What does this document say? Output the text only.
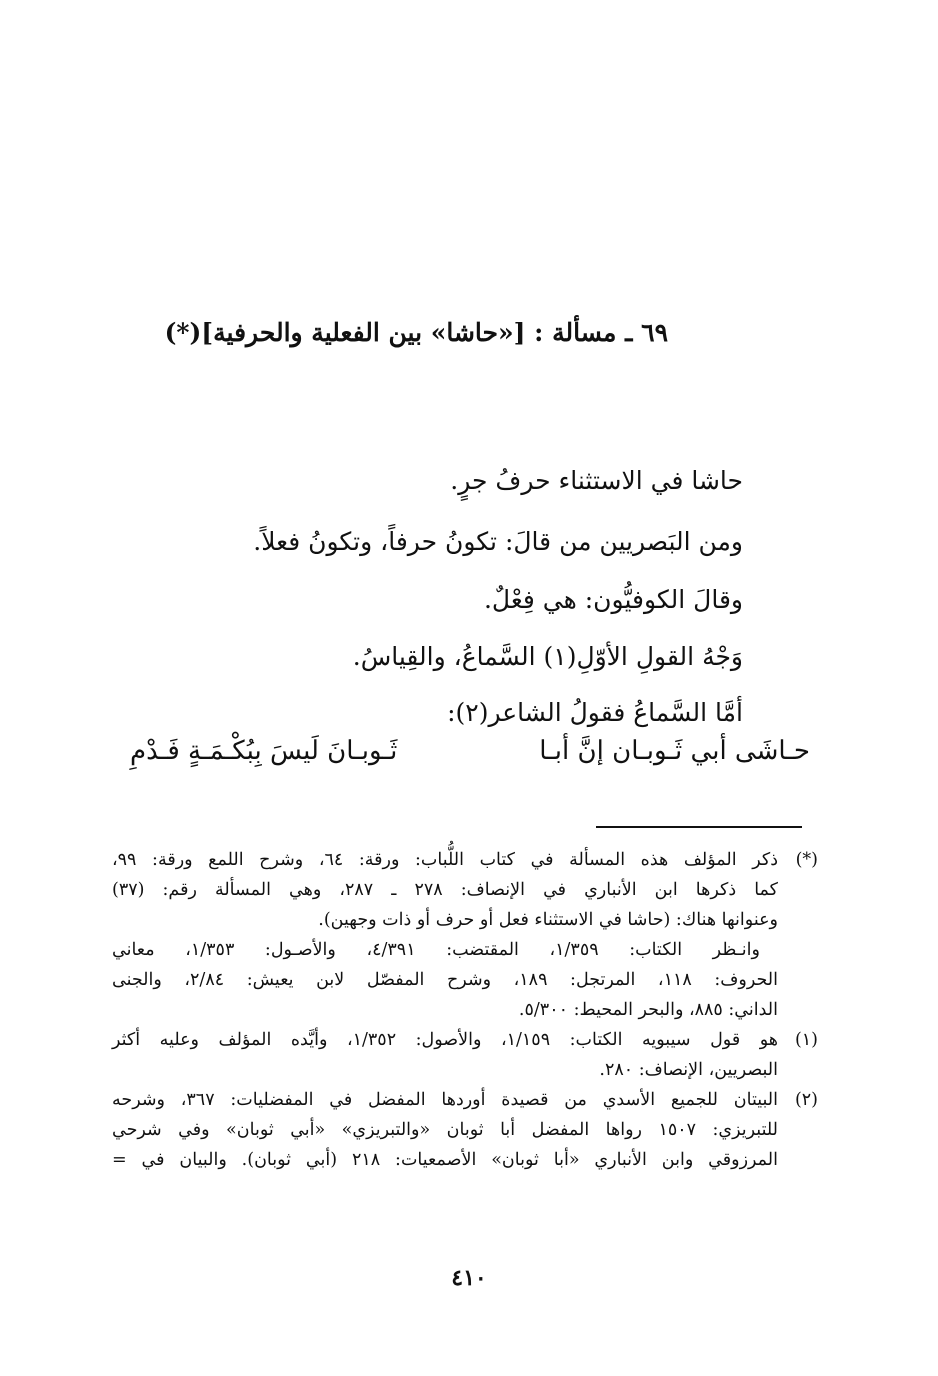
٦٩ ـ مسألة : [«حاشا» بين الفعلية والحرفية](*)
حاشا في الاستثناء حرفُ جرٍ.
ومن البَصريين من قالَ: تكونُ حرفاً، وتكونُ فعلاً.
وقالَ الكوفيُّون: هي فِعْلٌ.
وَجْهُ القولِ الأوّلِ(١) السَّماعُ، والقِياسُ.
أمَّا السَّماعُ فقولُ الشاعر(٢):
حـاشَى أبي ثَـوبـان إنَّ أبـا
ثَـوبـانَ لَيسَ بِبُكْـمَـةٍ فَـدْمِ
(*)
ذكر المؤلف هذه المسألة في كتاب اللُّباب: ورقة: ٦٤، وشرح اللمع ورقة: ٩٩،
كما ذكرها ابن الأنباري في الإنصاف: ٢٧٨ ـ ٢٨٧، وهي المسألة رقم: (٣٧)
وعنوانها هناك: (حاشا في الاستثناء فعل أو حرف أو ذات وجهين).
وانـظر الكتاب: ١/٣٥٩، المقتضب: ٤/٣٩١، والأصـول: ١/٣٥٣، معاني
الحروف: ١١٨، المرتجل: ١٨٩، وشرح المفصّل لابن يعيش: ٢/٨٤، والجنى
الداني: ٨٨٥، والبحر المحيط: ٥/٣٠٠.
(١)
هو قول سيبويه الكتاب: ١/١٥٩، والأصول: ١/٣٥٢، وأيَّده المؤلف وعليه أكثر
البصريين، الإنصاف: ٢٨٠.
(٢)
البيتان للجميع الأسدي من قصيدة أوردها المفضل في المفضليات: ٣٦٧، وشرحه
للتبريزي: ١٥٠٧ رواها المفضل أبا ثوبان «والتبريزي» «أبي ثوبان» وفي شرحي
المرزوقي وابن الأنباري «أبا ثوبان» الأصمعيات: ٢١٨ (أبي ثوبان). والبيان في =
٤١٠
